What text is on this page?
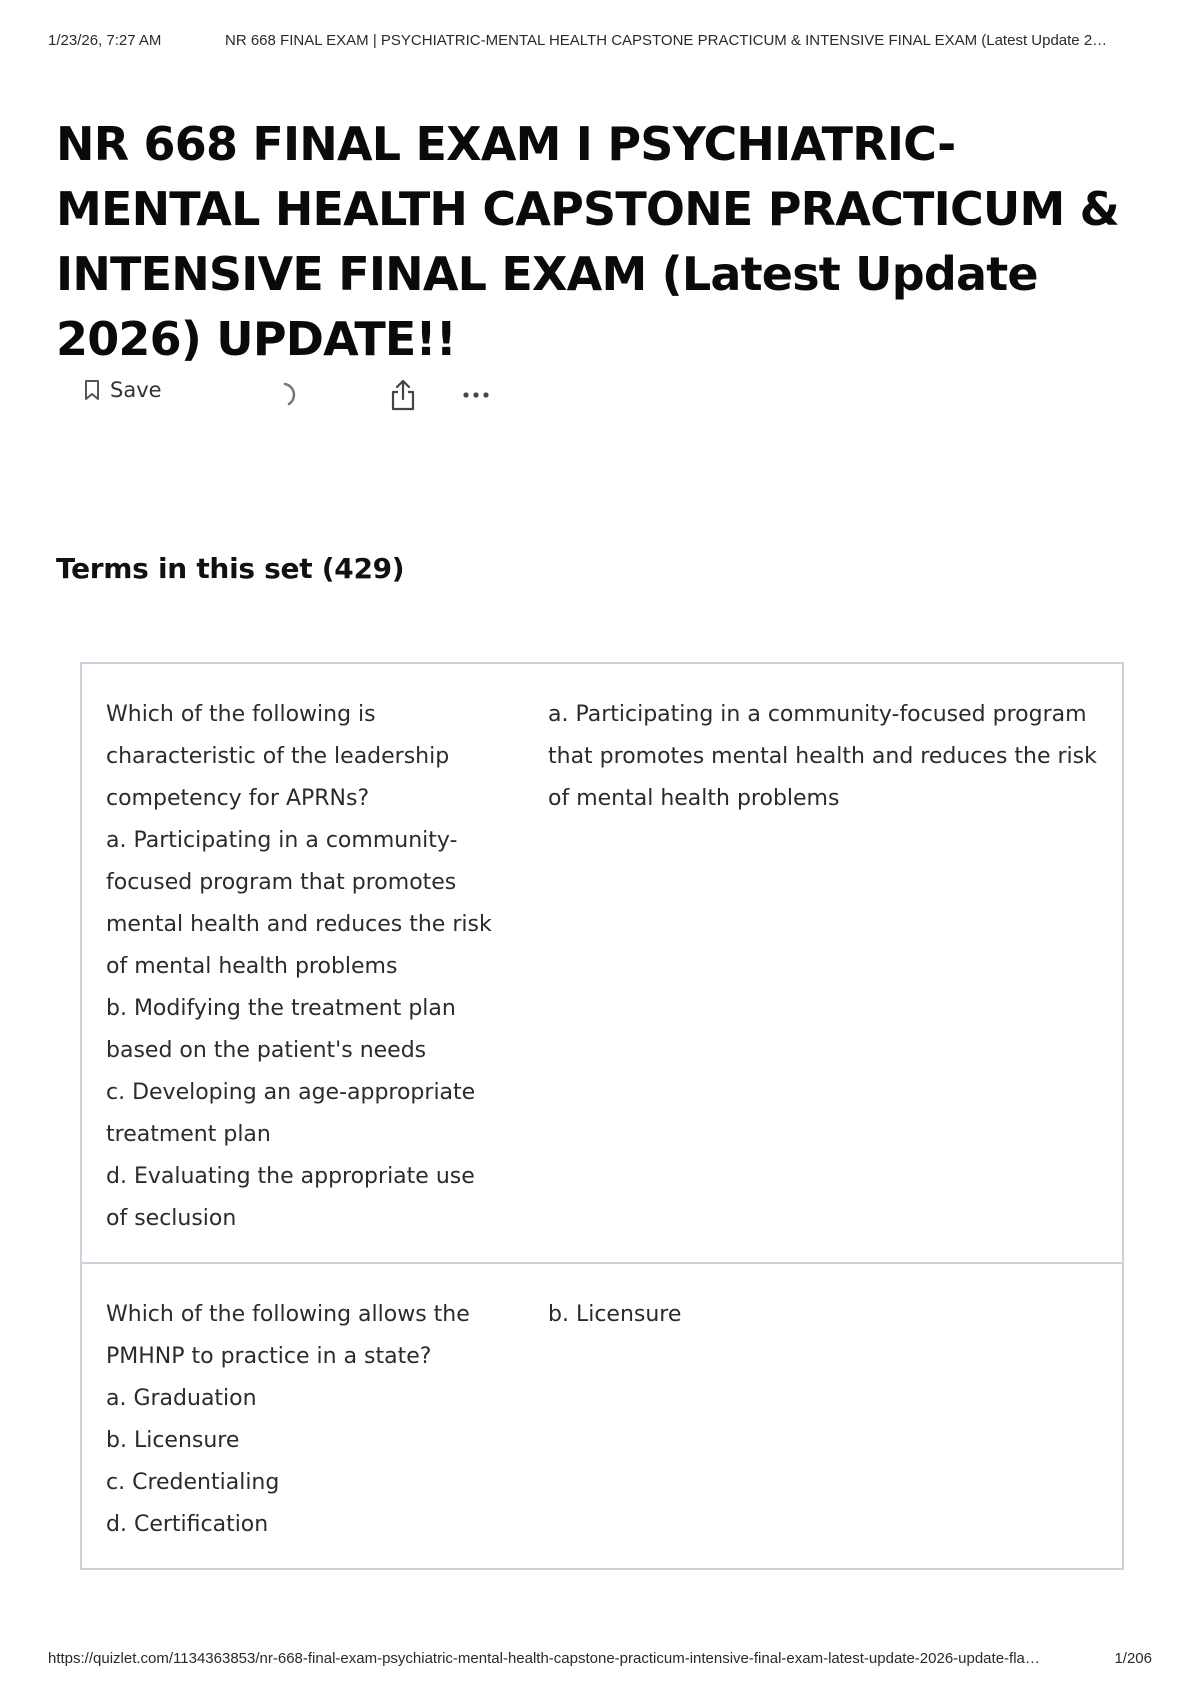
1/23/26, 7:27 AM	NR 668 FINAL EXAM | PSYCHIATRIC-MENTAL HEALTH CAPSTONE PRACTICUM & INTENSIVE FINAL EXAM (Latest Update 2…
NR 668 FINAL EXAM I PSYCHIATRIC-MENTAL HEALTH CAPSTONE PRACTICUM & INTENSIVE FINAL EXAM (Latest Update 2026) UPDATE!!
Save
Terms in this set (429)
Which of the following is characteristic of the leadership competency for APRNs?
a. Participating in a community-focused program that promotes mental health and reduces the risk of mental health problems
b. Modifying the treatment plan based on the patient's needs
c. Developing an age-appropriate treatment plan
d. Evaluating the appropriate use of seclusion
a. Participating in a community-focused program that promotes mental health and reduces the risk of mental health problems
Which of the following allows the PMHNP to practice in a state?
a. Graduation
b. Licensure
c. Credentialing
d. Certification
b. Licensure
https://quizlet.com/1134363853/nr-668-final-exam-psychiatric-mental-health-capstone-practicum-intensive-final-exam-latest-update-2026-update-fla…	1/206
